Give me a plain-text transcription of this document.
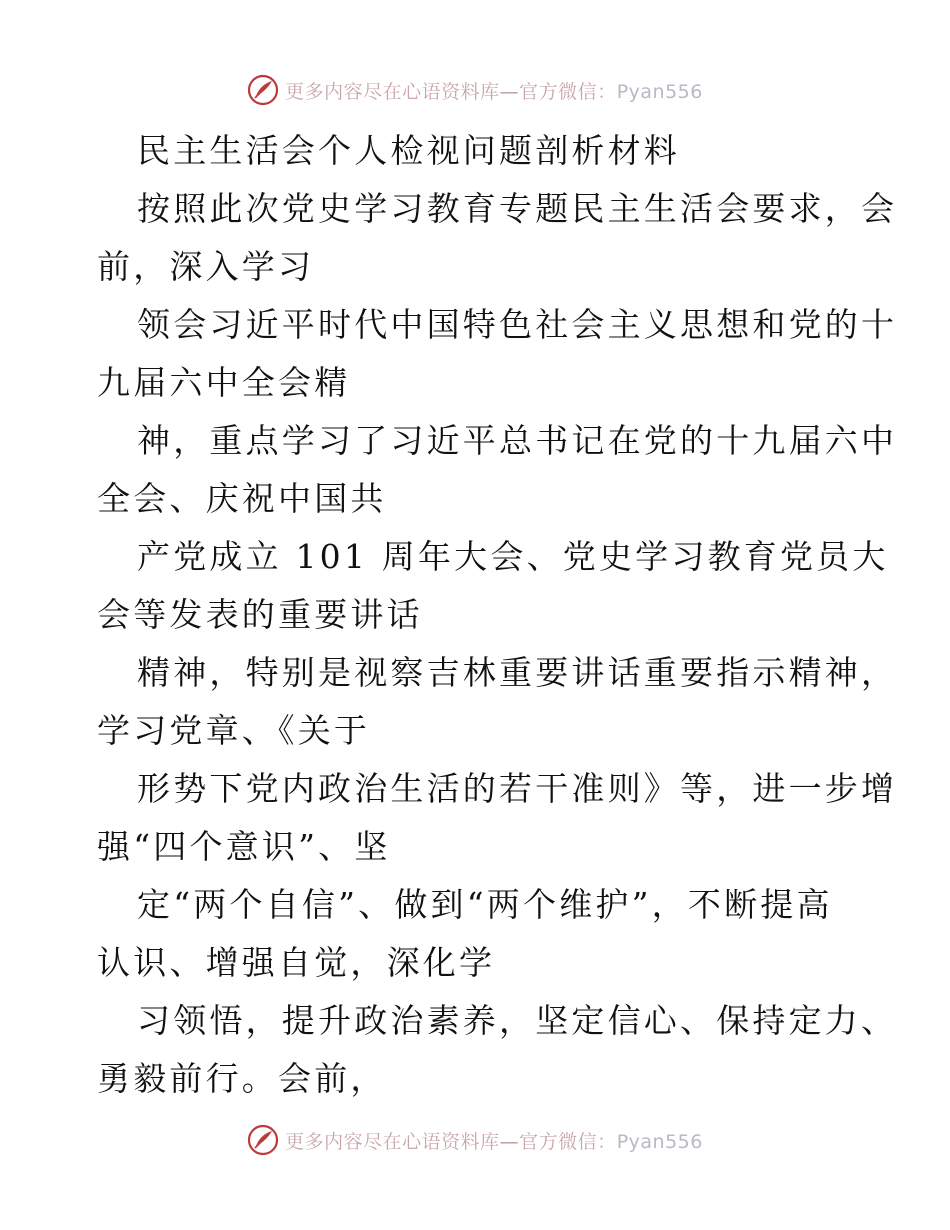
更多内容尽在心语资料库—官方微信：Pyan556

民主生活会个人检视问题剖析材料

按照此次党史学习教育专题民主生活会要求，会

前，深入学习

领会习近平时代中国特色社会主义思想和党的十

九届六中全会精

神，重点学习了习近平总书记在党的十九届六中

全会、庆祝中国共

产党成立 101 周年大会、党史学习教育党员大

会等发表的重要讲话

精神，特别是视察吉林重要讲话重要指示精神，

学习党章、《关于

形势下党内政治生活的若干准则》等，进一步增

强“四个意识”、坚

定“两个自信”、做到“两个维护”，不断提高

认识、增强自觉，深化学

习领悟，提升政治素养，坚定信心、保持定力、

勇毅前行。会前，

更多内容尽在心语资料库—官方微信：Pyan556
